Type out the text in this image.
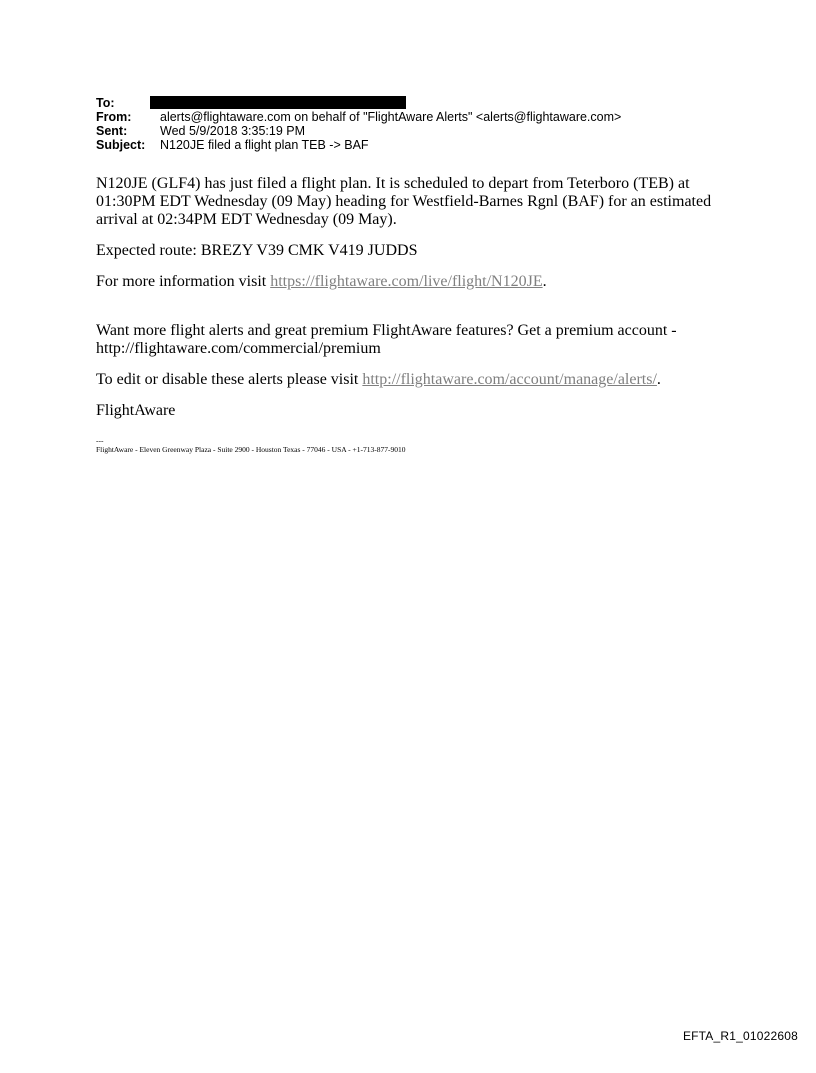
To:
From:	alerts@flightaware.com on behalf of "FlightAware Alerts" <alerts@flightaware.com>
Sent:	Wed 5/9/2018 3:35:19 PM
Subject:	N120JE filed a flight plan TEB -> BAF

N120JE (GLF4) has just filed a flight plan. It is scheduled to depart from Teterboro (TEB) at 01:30PM EDT Wednesday (09 May) heading for Westfield-Barnes Rgnl (BAF) for an estimated arrival at 02:34PM EDT Wednesday (09 May).

Expected route: BREZY V39 CMK V419 JUDDS

For more information visit https://flightaware.com/live/flight/N120JE.

Want more flight alerts and great premium FlightAware features? Get a premium account - http://flightaware.com/commercial/premium

To edit or disable these alerts please visit http://flightaware.com/account/manage/alerts/.

FlightAware

---
FlightAware - Eleven Greenway Plaza - Suite 2900 - Houston Texas - 77046 - USA - +1-713-877-9010
EFTA_R1_01022608
